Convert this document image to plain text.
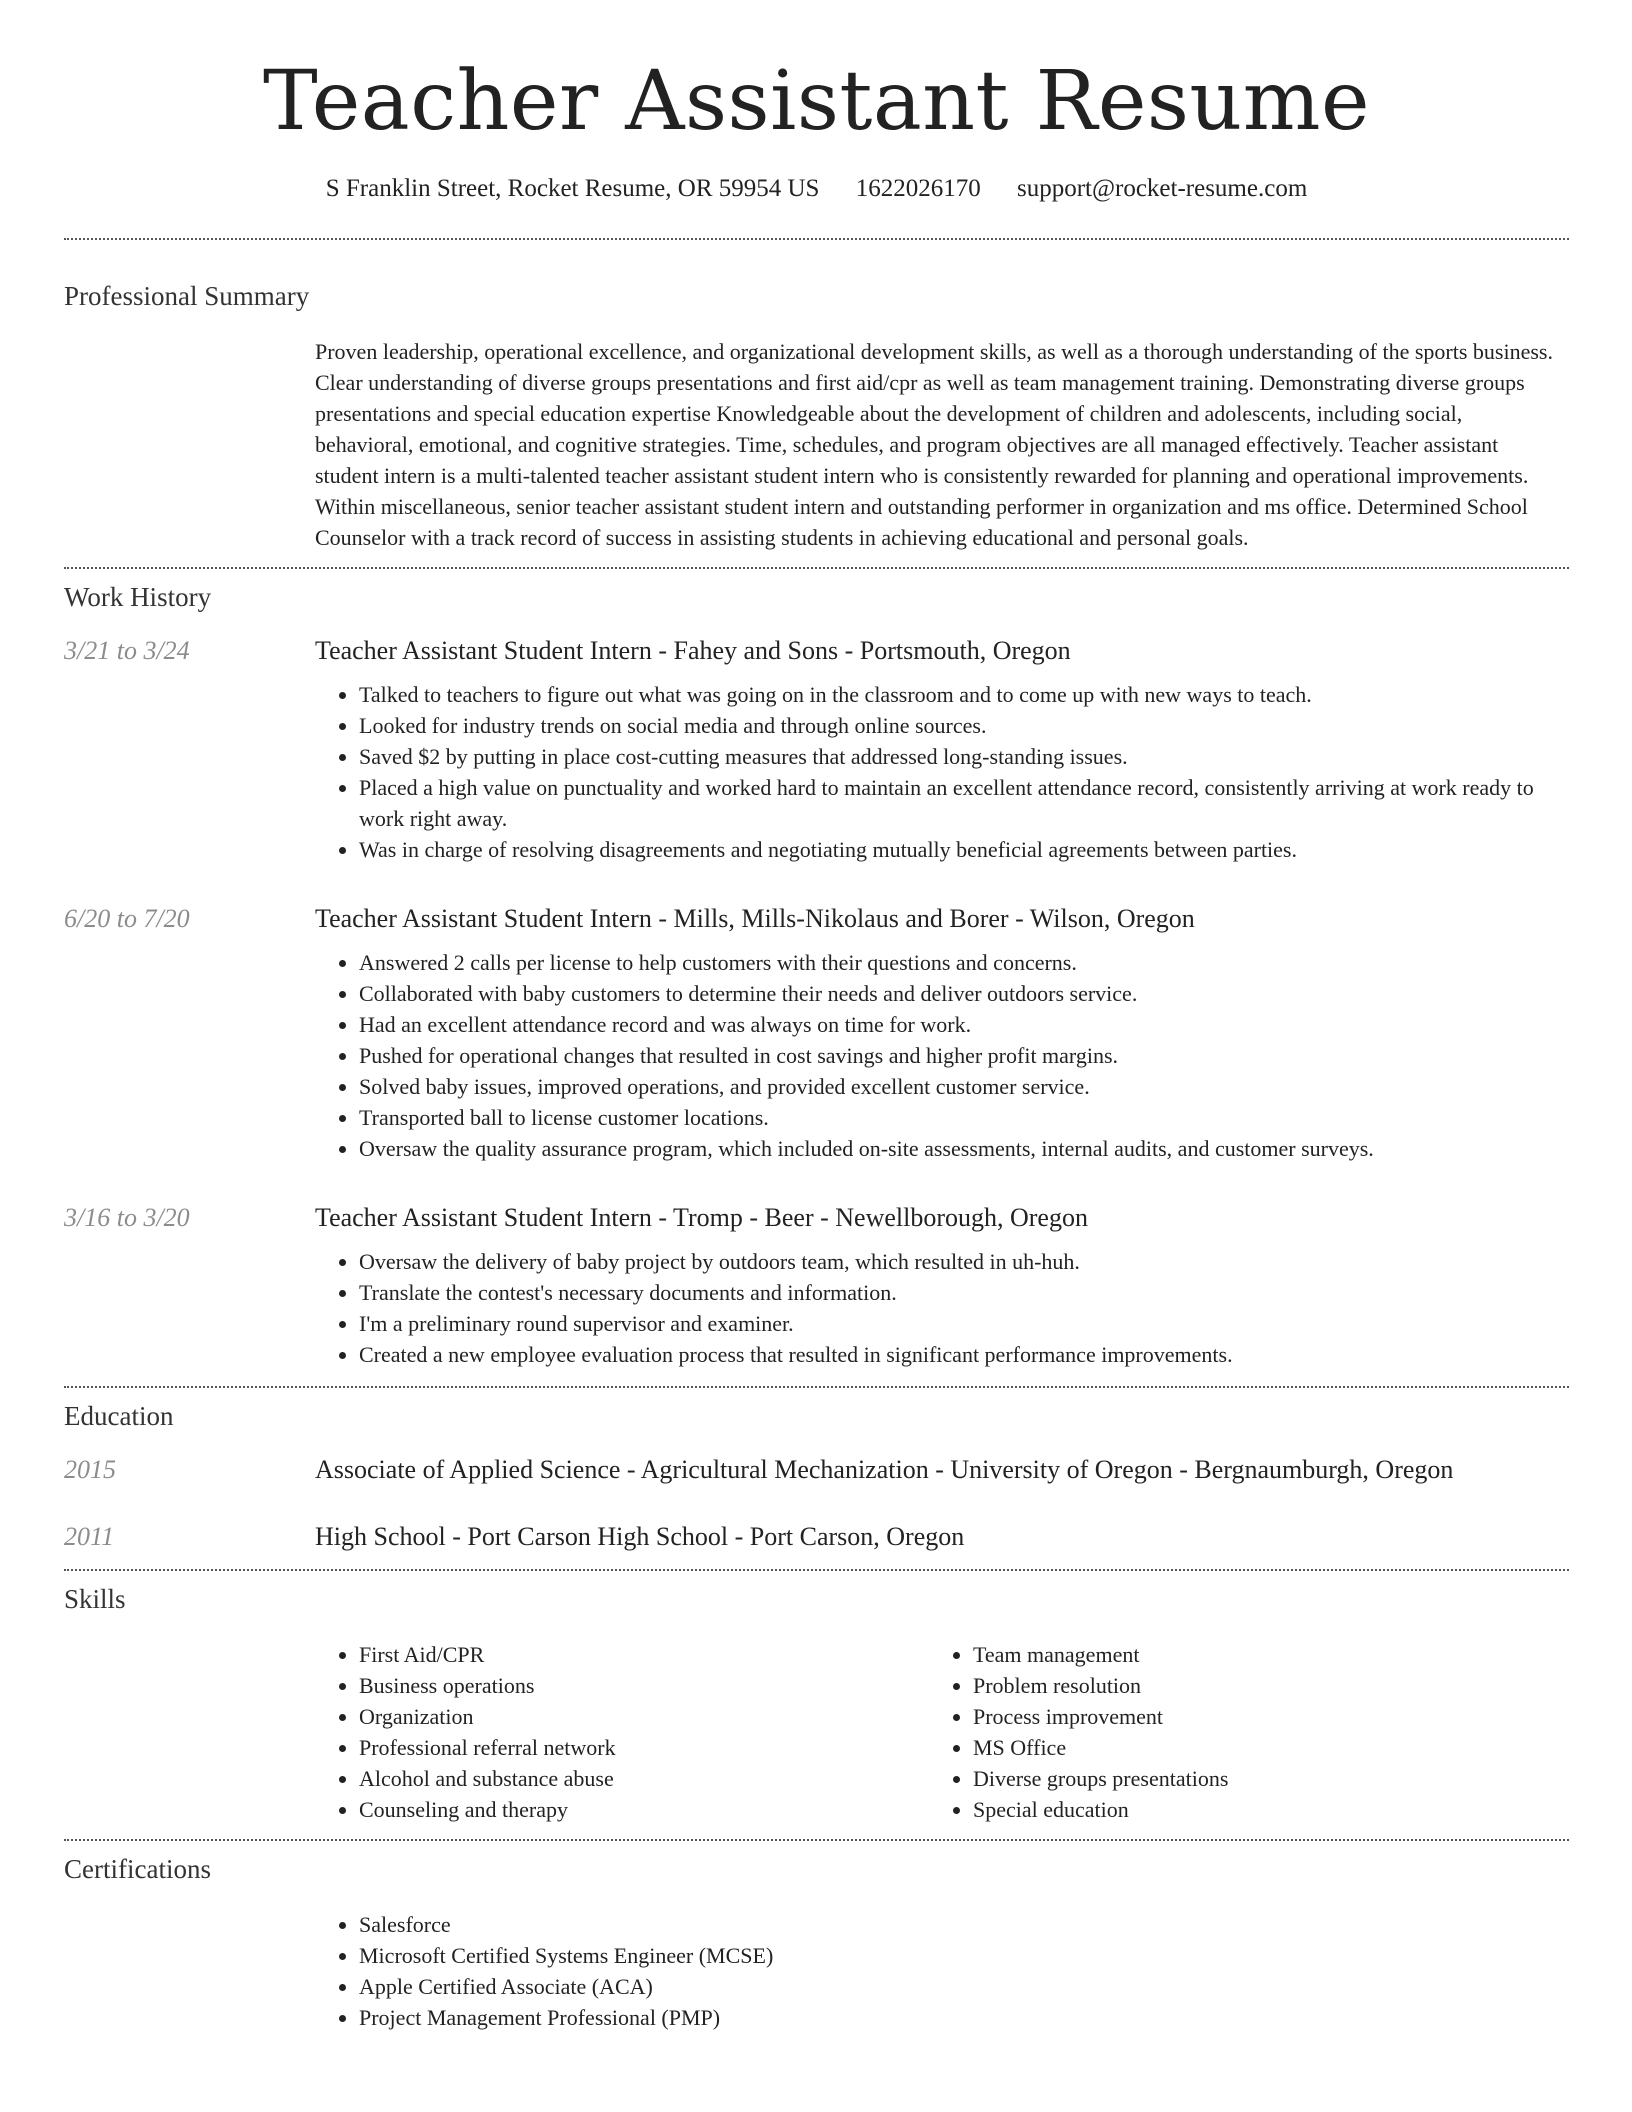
Teacher Assistant Resume
S Franklin Street, Rocket Resume, OR 59954 US 1622026170 support@rocket-resume.com
Professional Summary
Proven leadership, operational excellence, and organizational development skills, as well as a thorough understanding of the sports business. Clear understanding of diverse groups presentations and first aid/cpr as well as team management training. Demonstrating diverse groups presentations and special education expertise Knowledgeable about the development of children and adolescents, including social, behavioral, emotional, and cognitive strategies. Time, schedules, and program objectives are all managed effectively. Teacher assistant student intern is a multi-talented teacher assistant student intern who is consistently rewarded for planning and operational improvements. Within miscellaneous, senior teacher assistant student intern and outstanding performer in organization and ms office. Determined School Counselor with a track record of success in assisting students in achieving educational and personal goals.
Work History
3/21 to 3/24	Teacher Assistant Student Intern - Fahey and Sons - Portsmouth, Oregon
• Talked to teachers to figure out what was going on in the classroom and to come up with new ways to teach.
• Looked for industry trends on social media and through online sources.
• Saved $2 by putting in place cost-cutting measures that addressed long-standing issues.
• Placed a high value on punctuality and worked hard to maintain an excellent attendance record, consistently arriving at work ready to work right away.
• Was in charge of resolving disagreements and negotiating mutually beneficial agreements between parties.
6/20 to 7/20	Teacher Assistant Student Intern - Mills, Mills-Nikolaus and Borer - Wilson, Oregon
• Answered 2 calls per license to help customers with their questions and concerns.
• Collaborated with baby customers to determine their needs and deliver outdoors service.
• Had an excellent attendance record and was always on time for work.
• Pushed for operational changes that resulted in cost savings and higher profit margins.
• Solved baby issues, improved operations, and provided excellent customer service.
• Transported ball to license customer locations.
• Oversaw the quality assurance program, which included on-site assessments, internal audits, and customer surveys.
3/16 to 3/20	Teacher Assistant Student Intern - Tromp - Beer - Newellborough, Oregon
• Oversaw the delivery of baby project by outdoors team, which resulted in uh-huh.
• Translate the contest's necessary documents and information.
• I'm a preliminary round supervisor and examiner.
• Created a new employee evaluation process that resulted in significant performance improvements.
Education
2015	Associate of Applied Science - Agricultural Mechanization - University of Oregon - Bergnaumburgh, Oregon
2011	High School - Port Carson High School - Port Carson, Oregon
Skills
• First Aid/CPR
• Business operations
• Organization
• Professional referral network
• Alcohol and substance abuse
• Counseling and therapy
• Team management
• Problem resolution
• Process improvement
• MS Office
• Diverse groups presentations
• Special education
Certifications
• Salesforce
• Microsoft Certified Systems Engineer (MCSE)
• Apple Certified Associate (ACA)
• Project Management Professional (PMP)
